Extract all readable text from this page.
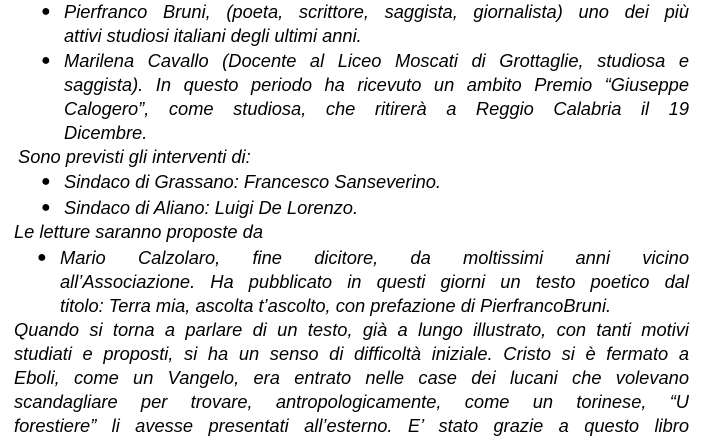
● Pierfranco Bruni, (poeta, scrittore, saggista, giornalista) uno dei più
attivi studiosi italiani degli ultimi anni.
● Marilena Cavallo (Docente al Liceo Moscati di Grottaglie, studiosa e
saggista). In questo periodo ha ricevuto un ambito Premio “Giuseppe
Calogero”, come studiosa, che ritirerà a Reggio Calabria il 19
Dicembre.
Sono previsti gli interventi di:
● Sindaco di Grassano: Francesco Sanseverino.
● Sindaco di Aliano: Luigi De Lorenzo.
Le letture saranno proposte da
● Mario Calzolaro, fine dicitore, da moltissimi anni vicino
all’Associazione. Ha pubblicato in questi giorni un testo poetico dal
titolo: Terra mia, ascolta t’ascolto, con prefazione di PierfrancoBruni.
Quando si torna a parlare di un testo, già a lungo illustrato, con tanti motivi
studiati e proposti, si ha un senso di difficoltà iniziale. Cristo si è fermato a
Eboli, come un Vangelo, era entrato nelle case dei lucani che volevano
scandagliare per trovare, antropologicamente, come un torinese, “U
forestiere” li avesse presentati all’esterno. E’ stato grazie a questo libro
